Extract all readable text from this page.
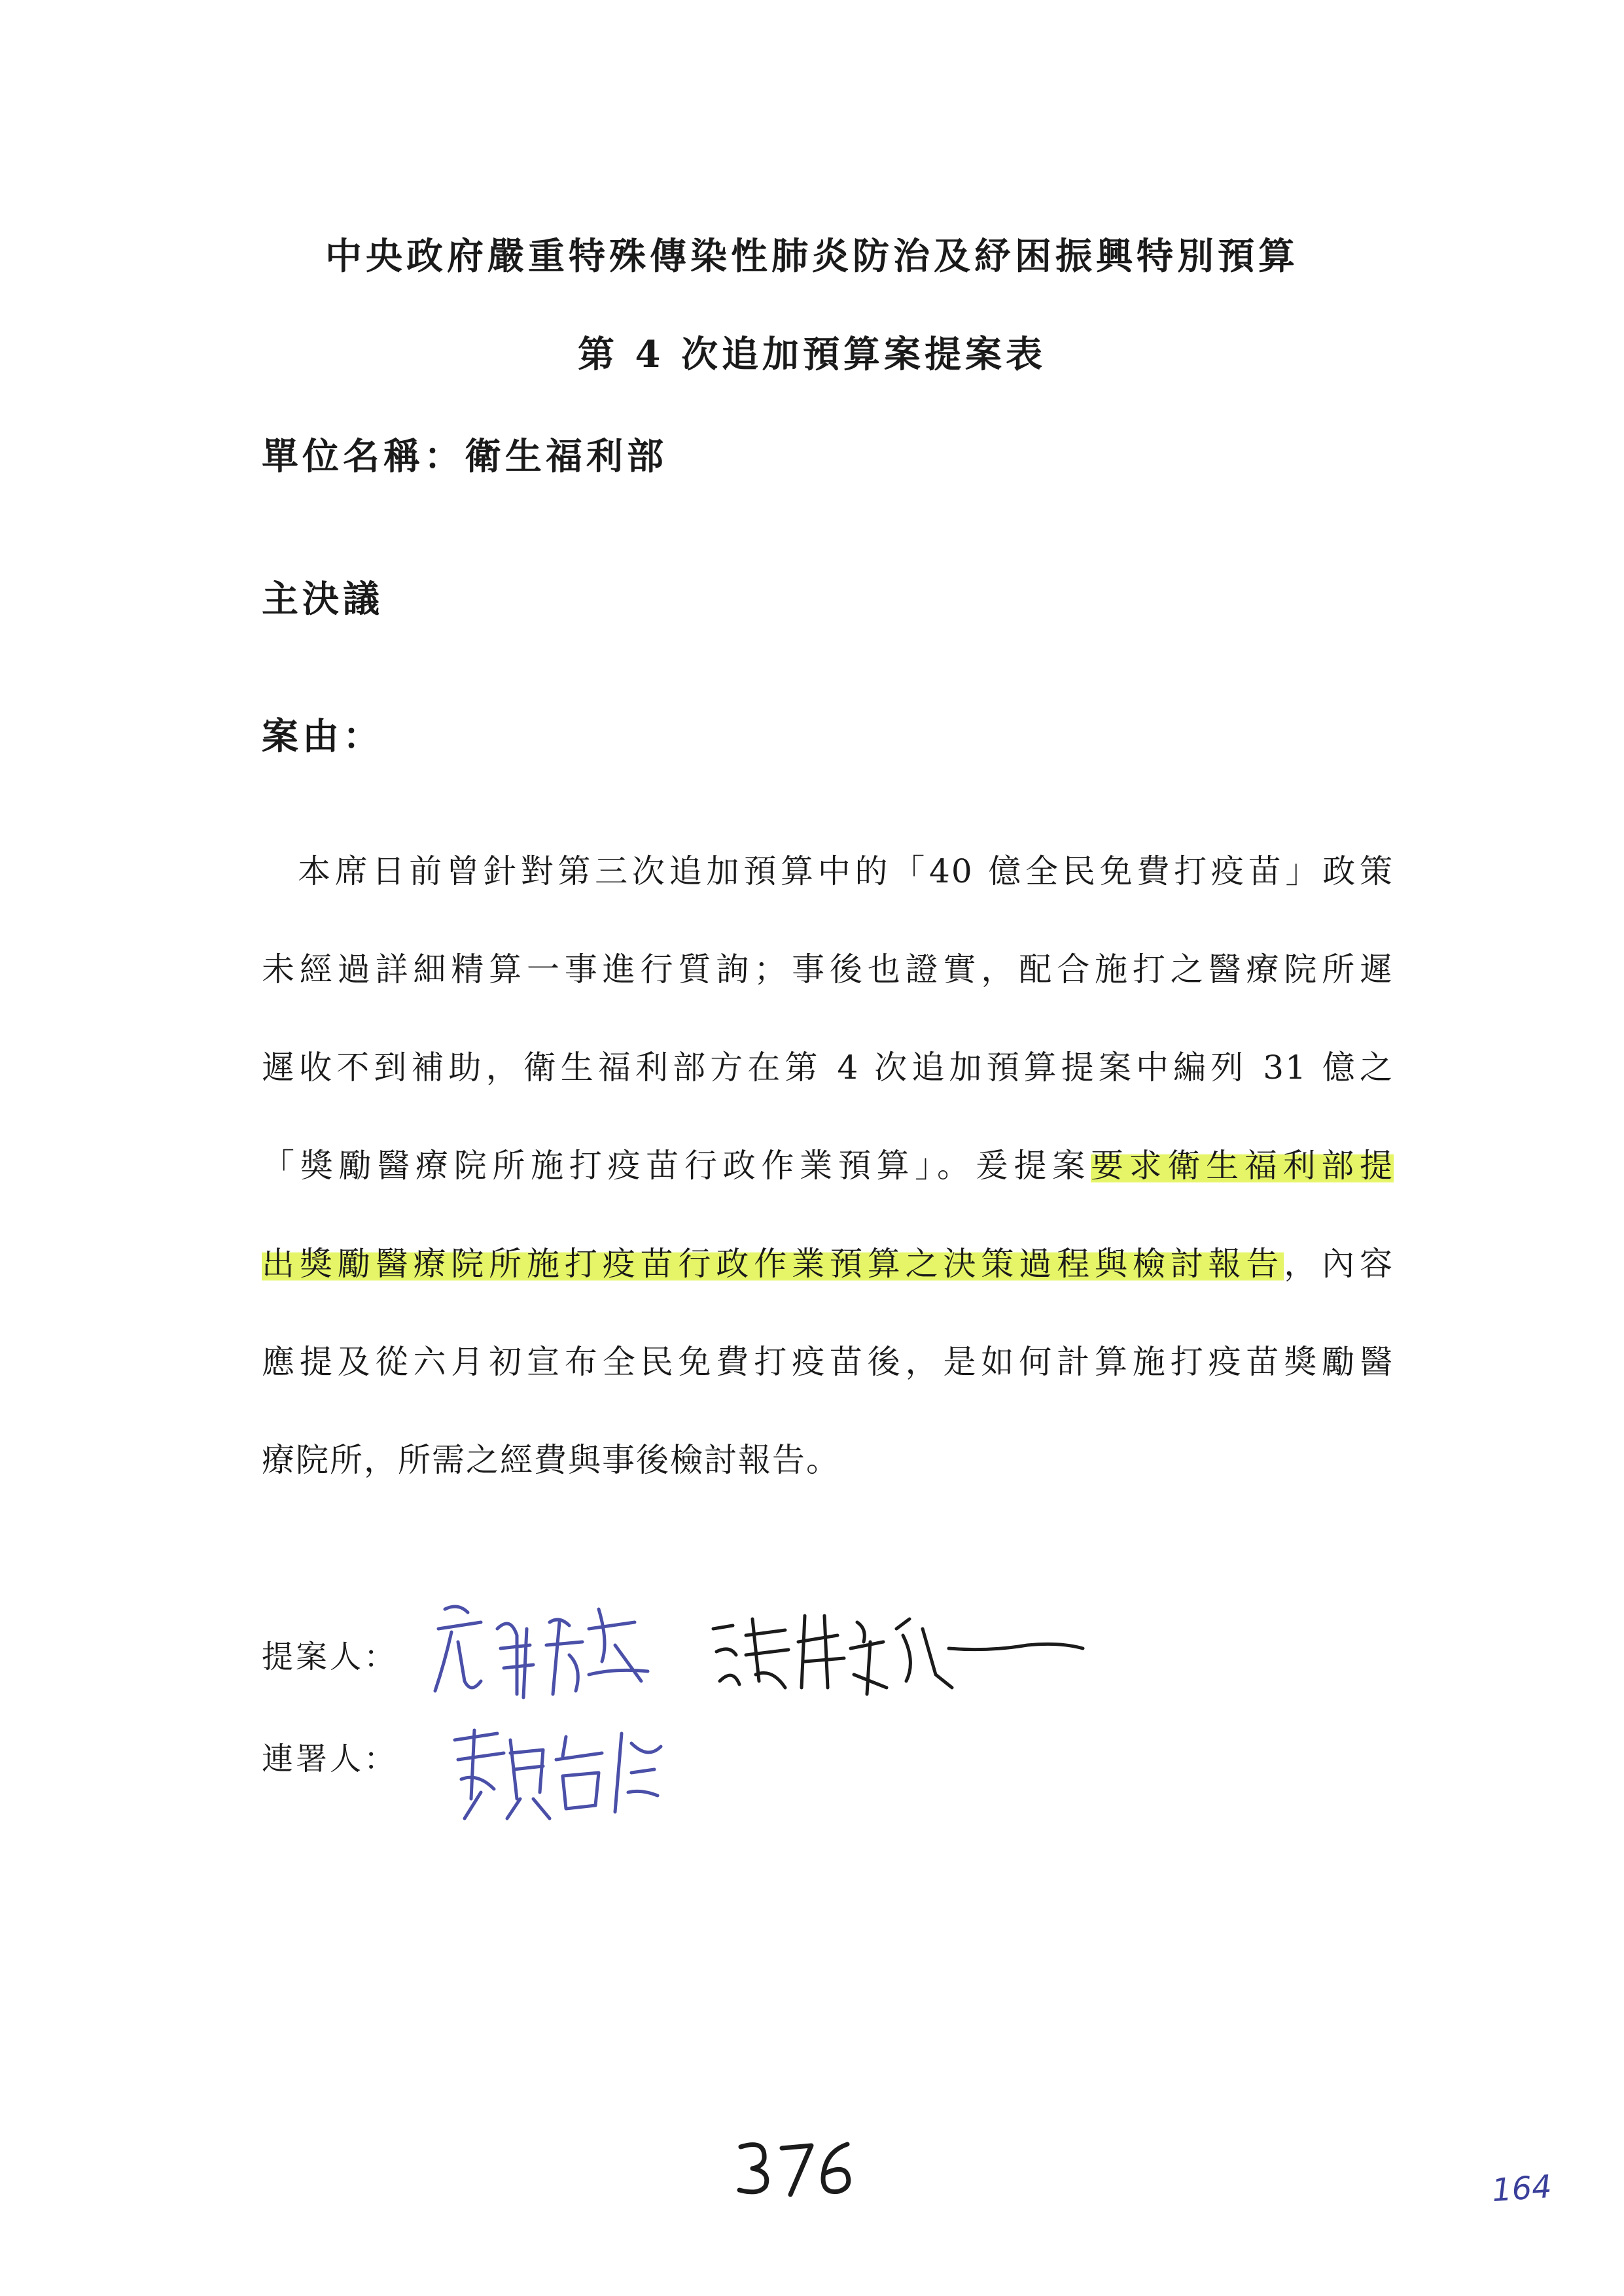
中央政府嚴重特殊傳染性肺炎防治及紓困振興特別預算
第 4 次追加預算案提案表
單位名稱：衛生福利部
主決議
案由：
本席日前曾針對第三次追加預算中的「40 億全民免費打疫苗」政策
未經過詳細精算一事進行質詢；事後也證實，配合施打之醫療院所遲
遲收不到補助，衛生福利部方在第 4 次追加預算提案中編列 31 億之
「獎勵醫療院所施打疫苗行政作業預算」。爰提案要求衛生福利部提
出獎勵醫療院所施打疫苗行政作業預算之決策過程與檢討報告，內容
應提及從六月初宣布全民免費打疫苗後，是如何計算施打疫苗獎勵醫
療院所，所需之經費與事後檢討報告。
提案人：
連署人：
164
